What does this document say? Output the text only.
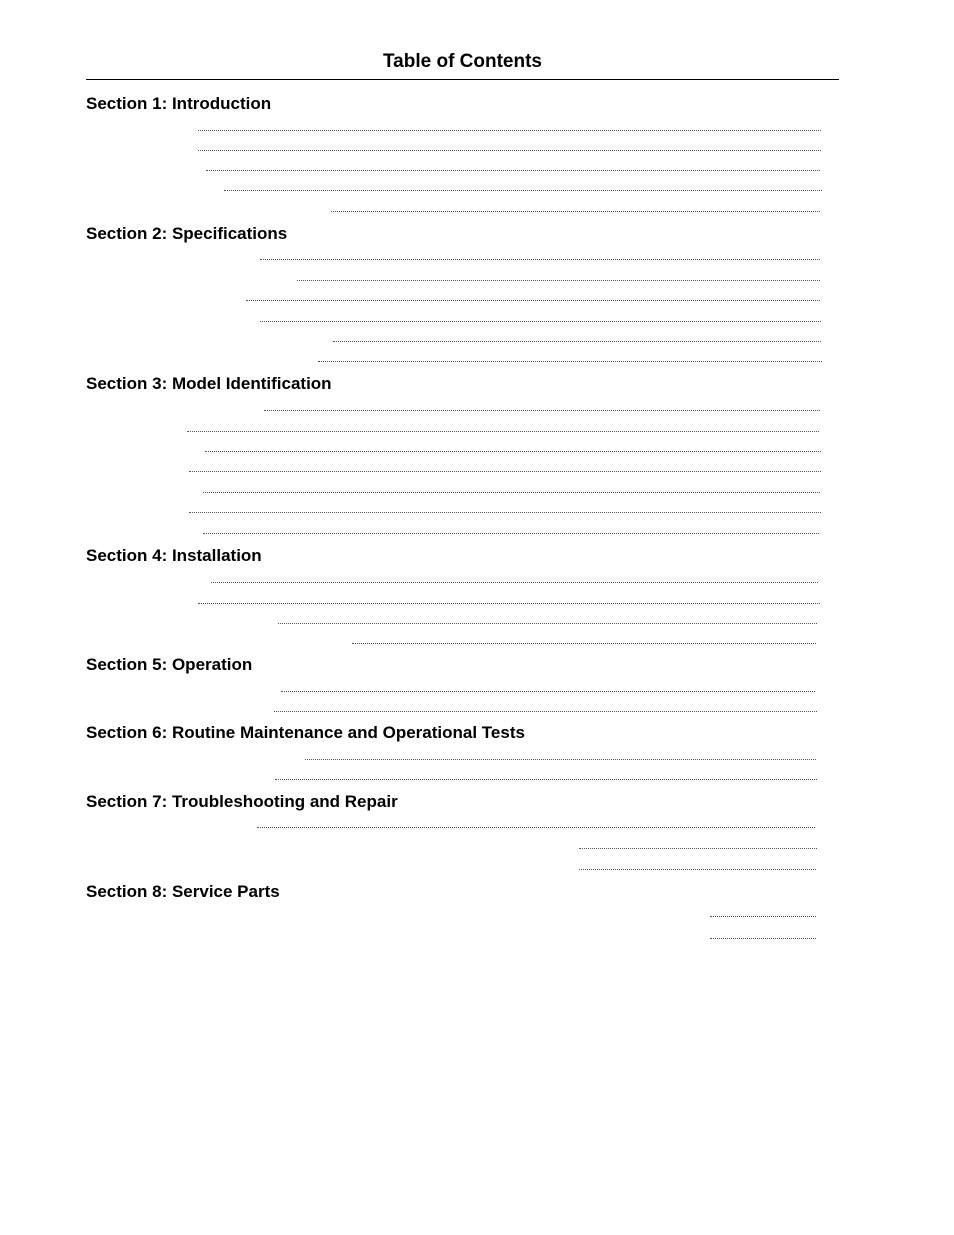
Table of Contents
Section 1: Introduction
Section 2: Specifications
Section 3: Model Identification
Section 4: Installation
Section 5: Operation
Section 6: Routine Maintenance and Operational Tests
Section 7: Troubleshooting and Repair
Section 8: Service Parts
